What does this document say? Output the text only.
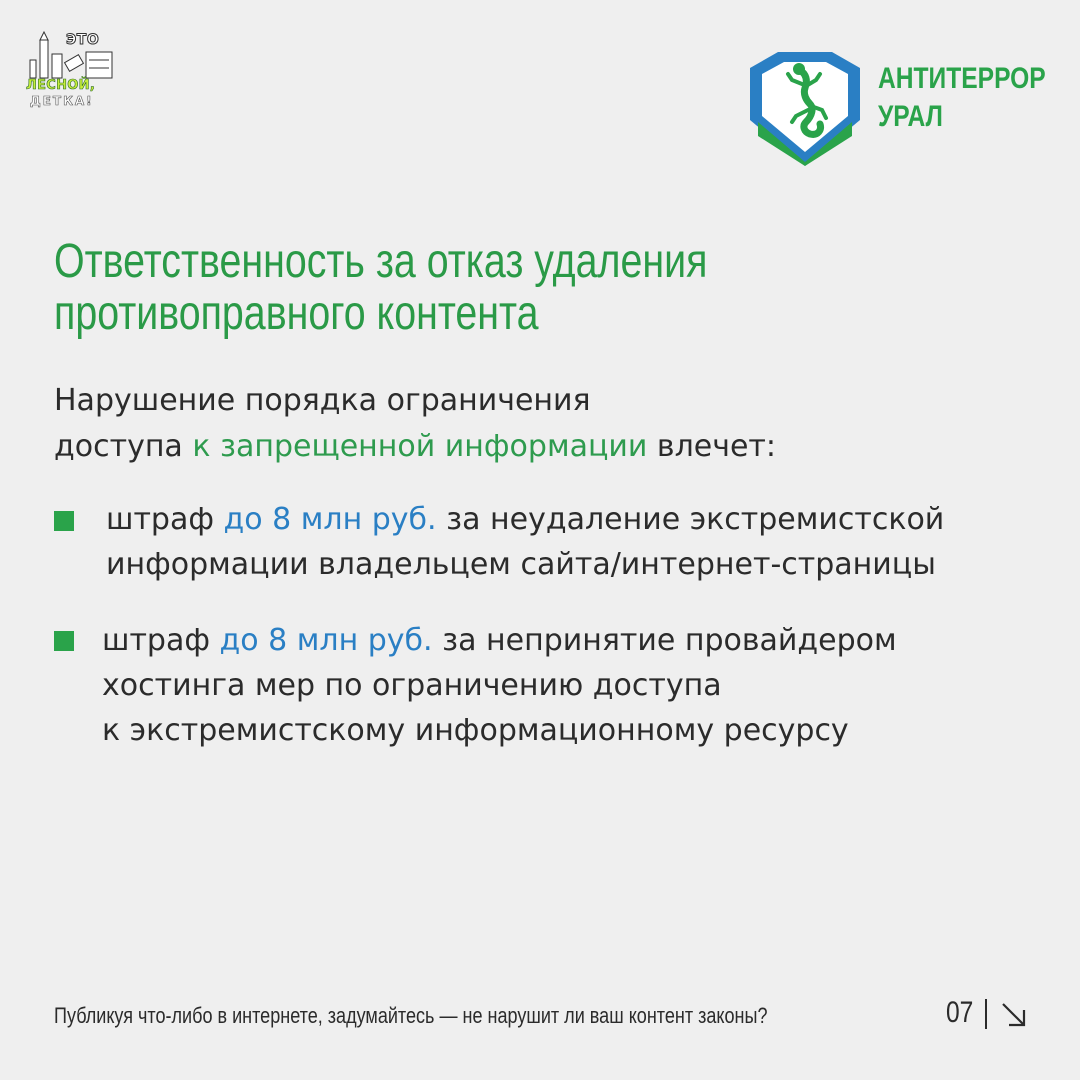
ЭТО
ЛЕСНОЙ,
ДЕТКА!
АНТИТЕРРОР
УРАЛ
Ответственность за отказ удаления
противоправного контента
Нарушение порядка ограничения
доступа к запрещенной информации влечет:
штраф до 8 млн руб. за неудаление экстремистской
информации владельцем сайта/интернет-страницы
штраф до 8 млн руб. за непринятие провайдером
хостинга мер по ограничению доступа
к экстремистскому информационному ресурсу
Публикуя что-либо в интернете, задумайтесь — не нарушит ли ваш контент законы?	07
